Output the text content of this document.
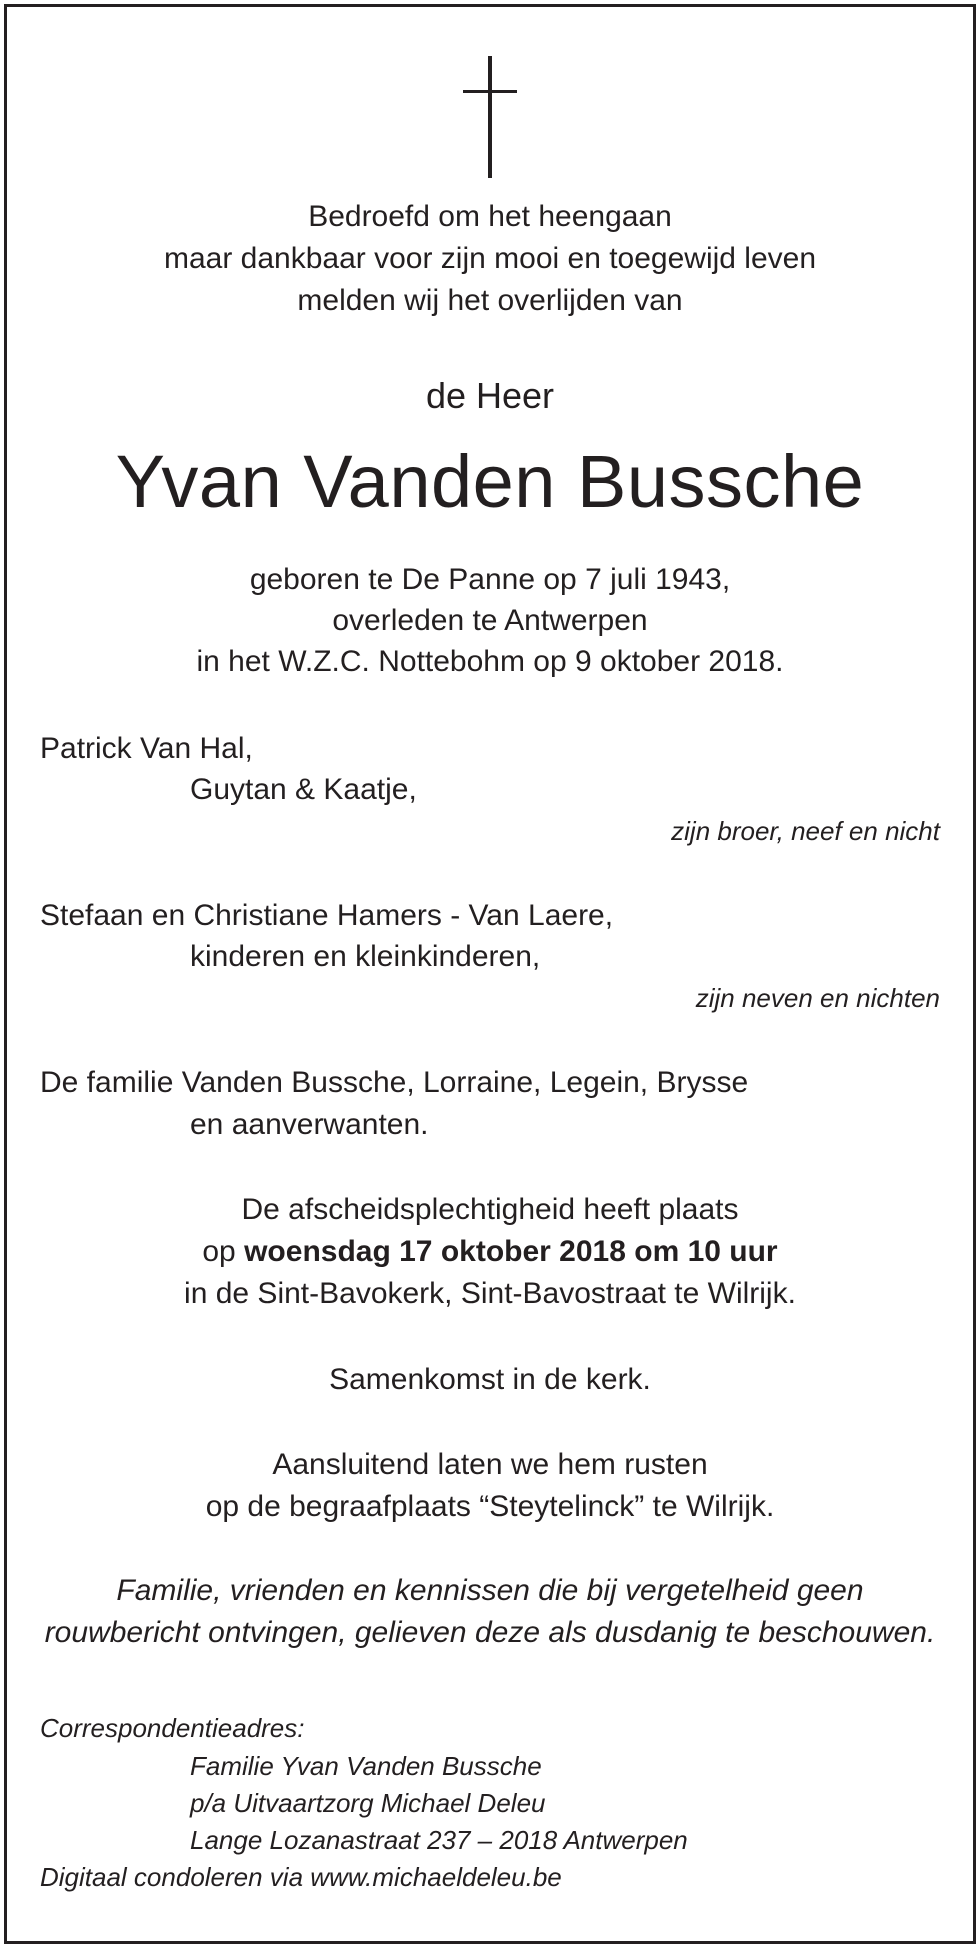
Bedroefd om het heengaan
maar dankbaar voor zijn mooi en toegewijd leven
melden wij het overlijden van
de Heer
Yvan Vanden Bussche
geboren te De Panne op 7 juli 1943,
overleden te Antwerpen
in het W.Z.C. Nottebohm op 9 oktober 2018.
Patrick Van Hal,
Guytan & Kaatje,
zijn broer, neef en nicht
Stefaan en Christiane Hamers - Van Laere,
kinderen en kleinkinderen,
zijn neven en nichten
De familie Vanden Bussche, Lorraine, Legein, Brysse
en aanverwanten.
De afscheidsplechtigheid heeft plaats
op woensdag 17 oktober 2018 om 10 uur
in de Sint-Bavokerk, Sint-Bavostraat te Wilrijk.
Samenkomst in de kerk.
Aansluitend laten we hem rusten
op de begraafplaats “Steytelinck” te Wilrijk.
Familie, vrienden en kennissen die bij vergetelheid geen
rouwbericht ontvingen, gelieven deze als dusdanig te beschouwen.
Correspondentieadres:
Familie Yvan Vanden Bussche
p/a Uitvaartzorg Michael Deleu
Lange Lozanastraat 237 – 2018 Antwerpen
Digitaal condoleren via www.michaeldeleu.be
